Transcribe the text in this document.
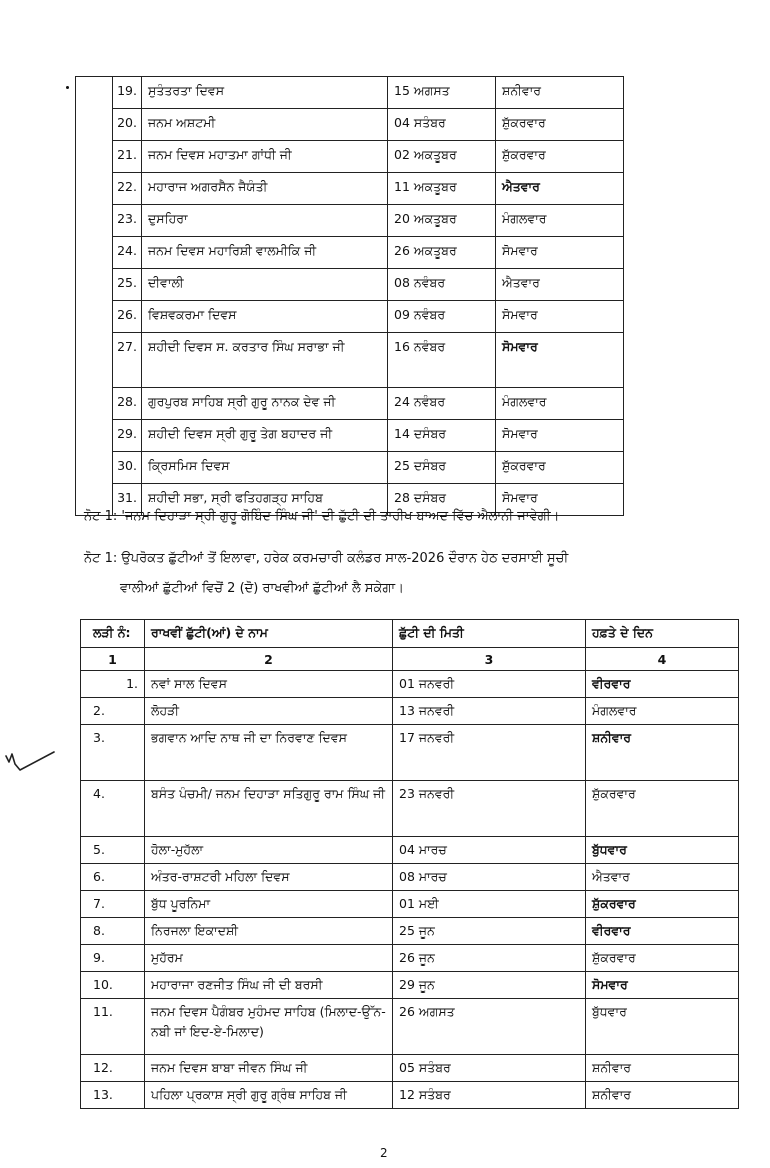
	19.	ਸੁਤੰਤਰਤਾ ਦਿਵਸ	15 ਅਗਸਤ	ਸ਼ਨੀਵਾਰ
	20.	ਜਨਮ ਅਸ਼ਟਮੀ	04 ਸਤੰਬਰ	ਸ਼ੁੱਕਰਵਾਰ
	21.	ਜਨਮ ਦਿਵਸ ਮਹਾਤਮਾ ਗਾਂਧੀ ਜੀ	02 ਅਕਤੂਬਰ	ਸ਼ੁੱਕਰਵਾਰ
	22.	ਮਹਾਰਾਜ ਅਗਰਸੈਨ ਜੈਯੰਤੀ	11 ਅਕਤੂਬਰ	ਐਤਵਾਰ
	23.	ਦੁਸਹਿਰਾ	20 ਅਕਤੂਬਰ	ਮੰਗਲਵਾਰ
	24.	ਜਨਮ ਦਿਵਸ ਮਹਾਰਿਸ਼ੀ ਵਾਲਮੀਕਿ ਜੀ	26 ਅਕਤੂਬਰ	ਸੋਮਵਾਰ
	25.	ਦੀਵਾਲੀ	08 ਨਵੰਬਰ	ਐਤਵਾਰ
	26.	ਵਿਸ਼ਵਕਰਮਾ ਦਿਵਸ	09 ਨਵੰਬਰ	ਸੋਮਵਾਰ
	27.	ਸ਼ਹੀਦੀ ਦਿਵਸ ਸ. ਕਰਤਾਰ ਸਿੰਘ ਸਰਾਭਾ ਜੀ	16 ਨਵੰਬਰ	ਸੋਮਵਾਰ
	28.	ਗੁਰਪੁਰਬ ਸਾਹਿਬ ਸ੍ਰੀ ਗੁਰੂ ਨਾਨਕ ਦੇਵ ਜੀ	24 ਨਵੰਬਰ	ਮੰਗਲਵਾਰ
	29.	ਸ਼ਹੀਦੀ ਦਿਵਸ ਸ੍ਰੀ ਗੁਰੂ ਤੇਗ ਬਹਾਦਰ ਜੀ	14 ਦਸੰਬਰ	ਸੋਮਵਾਰ
	30.	ਕ੍ਰਿਸਮਿਸ ਦਿਵਸ	25 ਦਸੰਬਰ	ਸ਼ੁੱਕਰਵਾਰ
	31.	ਸ਼ਹੀਦੀ ਸਭਾ, ਸ੍ਰੀ ਫਤਿਹਗੜ੍ਹ ਸਾਹਿਬ	28 ਦਸੰਬਰ	ਸੋਮਵਾਰ
ਨੋਟ 1: 'ਜਨਮ ਦਿਹਾੜਾ ਸ੍ਰੀ ਗੁਰੂ ਗੋਬਿੰਦ ਸਿੰਘ ਜੀ' ਦੀ ਛੁੱਟੀ ਦੀ ਤਾਰੀਖ ਬਾਅਦ ਵਿੱਚ ਐਲਾਨੀ ਜਾਵੇਗੀ।
ਨੋਟ 1: ਉਪਰੋਕਤ ਛੁੱਟੀਆਂ ਤੋਂ ਇਲਾਵਾ, ਹਰੇਕ ਕਰਮਚਾਰੀ ਕਲੰਡਰ ਸਾਲ-2026 ਦੌਰਾਨ ਹੇਠ ਦਰਸਾਈ ਸੂਚੀ
ਵਾਲੀਆਂ ਛੁੱਟੀਆਂ ਵਿਚੋਂ 2 (ਦੋ) ਰਾਖਵੀਆਂ ਛੁੱਟੀਆਂ ਲੈ ਸਕੇਗਾ।
ਲੜੀ ਨੰ:	ਰਾਖਵੀਂ ਛੁੱਟੀ(ਆਂ) ਦੇ ਨਾਮ	ਛੁੱਟੀ ਦੀ ਮਿਤੀ	ਹਫ਼ਤੇ ਦੇ ਦਿਨ
1	2	3	4
1.	ਨਵਾਂ ਸਾਲ ਦਿਵਸ	01 ਜਨਵਰੀ	ਵੀਰਵਾਰ
2.	ਲੋਹੜੀ	13 ਜਨਵਰੀ	ਮੰਗਲਵਾਰ
3.	ਭਗਵਾਨ ਆਦਿ ਨਾਥ ਜੀ ਦਾ ਨਿਰਵਾਣ ਦਿਵਸ	17 ਜਨਵਰੀ	ਸ਼ਨੀਵਾਰ
4.	ਬਸੰਤ ਪੰਚਮੀ/ ਜਨਮ ਦਿਹਾੜਾ ਸਤਿਗੁਰੂ ਰਾਮ ਸਿੰਘ ਜੀ	23 ਜਨਵਰੀ	ਸ਼ੁੱਕਰਵਾਰ
5.	ਹੋਲਾ-ਮੁਹੱਲਾ	04 ਮਾਰਚ	ਬੁੱਧਵਾਰ
6.	ਅੰਤਰ-ਰਾਸ਼ਟਰੀ ਮਹਿਲਾ ਦਿਵਸ	08 ਮਾਰਚ	ਐਤਵਾਰ
7.	ਬੁੱਧ ਪੂਰਨਿਮਾ	01 ਮਈ	ਸ਼ੁੱਕਰਵਾਰ
8.	ਨਿਰਜਲਾ ਇਕਾਦਸ਼ੀ	25 ਜੂਨ	ਵੀਰਵਾਰ
9.	ਮੁਹੱਰਮ	26 ਜੂਨ	ਸ਼ੁੱਕਰਵਾਰ
10.	ਮਹਾਰਾਜਾ ਰਣਜੀਤ ਸਿੰਘ ਜੀ ਦੀ ਬਰਸੀ	29 ਜੂਨ	ਸੋਮਵਾਰ
11.	ਜਨਮ ਦਿਵਸ ਪੈਗੰਬਰ ਮੁਹੰਮਦ ਸਾਹਿਬ (ਮਿਲਾਦ-ਉੱਨ-ਨਬੀ ਜਾਂ ਇਦ-ਏ-ਮਿਲਾਦ)	26 ਅਗਸਤ	ਬੁੱਧਵਾਰ
12.	ਜਨਮ ਦਿਵਸ ਬਾਬਾ ਜੀਵਨ ਸਿੰਘ ਜੀ	05 ਸਤੰਬਰ	ਸ਼ਨੀਵਾਰ
13.	ਪਹਿਲਾ ਪ੍ਰਕਾਸ਼ ਸ੍ਰੀ ਗੁਰੂ ਗ੍ਰੰਥ ਸਾਹਿਬ ਜੀ	12 ਸਤੰਬਰ	ਸ਼ਨੀਵਾਰ
2
